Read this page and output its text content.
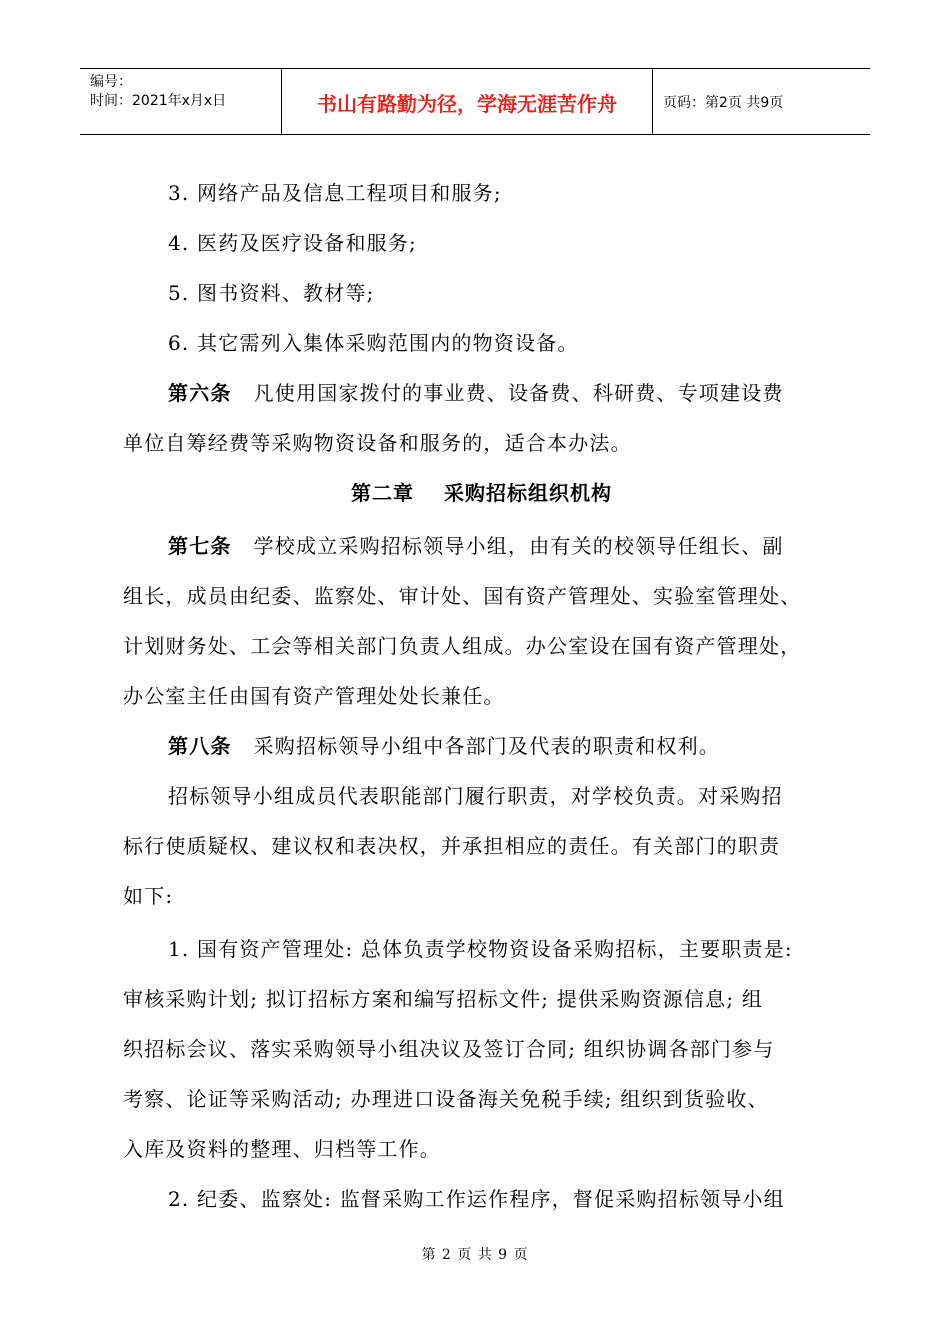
编号：
时间：2021年x月x日	书山有路勤为径，学海无涯苦作舟	页码：第2页 共9页
3. 网络产品及信息工程项目和服务;
4. 医药及医疗设备和服务;
5. 图书资料、教材等;
6. 其它需列入集体采购范围内的物资设备。
第六条 凡使用国家拨付的事业费、设备费、科研费、专项建设费
单位自筹经费等采购物资设备和服务的，适合本办法。
第二章 采购招标组织机构
第七条 学校成立采购招标领导小组，由有关的校领导任组长、副
组长，成员由纪委、监察处、审计处、国有资产管理处、实验室管理处、
计划财务处、工会等相关部门负责人组成。办公室设在国有资产管理处，
办公室主任由国有资产管理处处长兼任。
第八条 采购招标领导小组中各部门及代表的职责和权利。
招标领导小组成员代表职能部门履行职责，对学校负责。对采购招
标行使质疑权、建议权和表决权，并承担相应的责任。有关部门的职责
如下:
1. 国有资产管理处: 总体负责学校物资设备采购招标，主要职责是:
审核采购计划; 拟订招标方案和编写招标文件; 提供采购资源信息; 组
织招标会议、落实采购领导小组决议及签订合同; 组织协调各部门参与
考察、论证等采购活动; 办理进口设备海关免税手续; 组织到货验收、
入库及资料的整理、归档等工作。
2. 纪委、监察处: 监督采购工作运作程序，督促采购招标领导小组
第 2 页 共 9 页
